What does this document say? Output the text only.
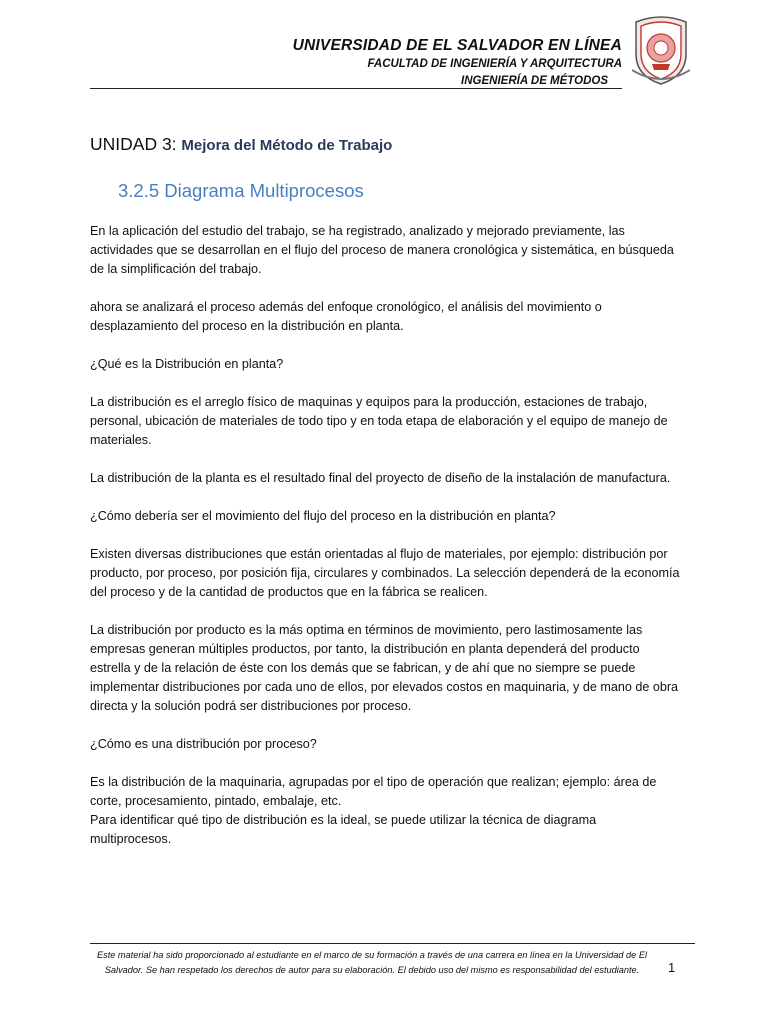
UNIVERSIDAD DE EL SALVADOR EN LÍNEA
FACULTAD DE INGENIERÍA Y ARQUITECTURA
INGENIERÍA DE MÉTODOS
UNIDAD 3: Mejora del Método de Trabajo
3.2.5 Diagrama Multiprocesos

En la aplicación del estudio del trabajo, se ha registrado, analizado y mejorado previamente, las actividades que se desarrollan en el flujo del proceso de manera cronológica y sistemática, en búsqueda de la simplificación del trabajo.

ahora se analizará el proceso además del enfoque cronológico, el análisis del movimiento o desplazamiento del proceso en la distribución en planta.

¿Qué es la Distribución en planta?

La distribución es el arreglo físico de maquinas y equipos para la producción, estaciones de trabajo, personal, ubicación de materiales de todo tipo y en toda etapa de elaboración y el equipo de manejo de materiales.

La distribución de la planta es el resultado final del proyecto de diseño de la instalación de manufactura.

¿Cómo debería ser el movimiento del flujo del proceso en la distribución en planta?

Existen diversas distribuciones que están orientadas al flujo de materiales, por ejemplo: distribución por producto, por proceso, por posición fija, circulares y combinados. La selección dependerá de la economía del proceso y de la cantidad de productos que en la fábrica se realicen.

La distribución por producto es la más optima en términos de movimiento, pero lastimosamente las empresas generan múltiples productos, por tanto, la distribución en planta dependerá del producto estrella y de la relación de éste con los demás que se fabrican, y de ahí que no siempre se puede implementar distribuciones por cada uno de ellos, por elevados costos en maquinaria, y de mano de obra directa y la solución podrá ser distribuciones por proceso.

¿Cómo es una distribución por proceso?

Es la distribución de la maquinaria, agrupadas por el tipo de operación que realizan; ejemplo: área de corte, procesamiento, pintado, embalaje, etc.

Para identificar qué tipo de distribución es la ideal, se puede utilizar la técnica de diagrama multiprocesos.

Este material ha sido proporcionado al estudiante en el marco de su formación a través de una carrera en línea en la Universidad de El Salvador. Se han respetado los derechos de autor para su elaboración. El debido uso del mismo es responsabilidad del estudiante.	1
